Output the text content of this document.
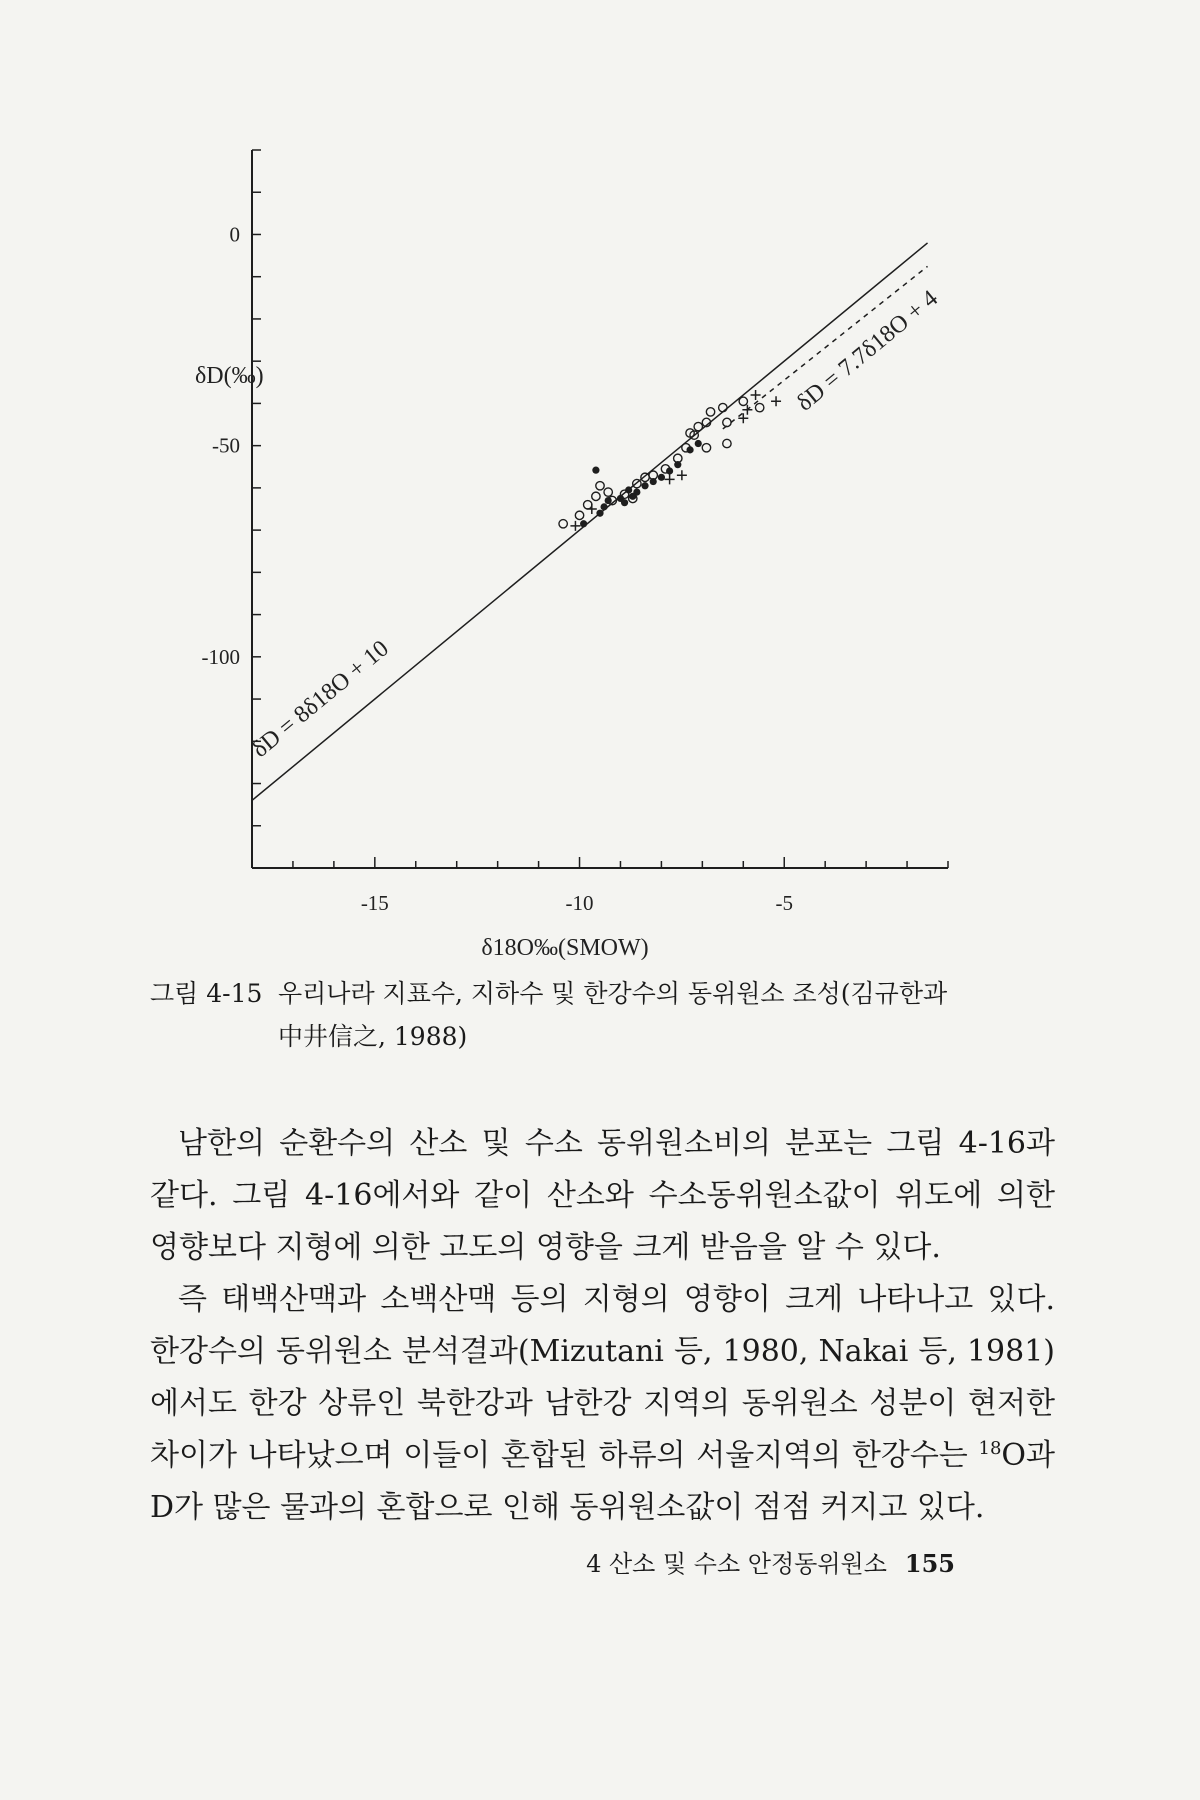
0
-50
-100
-15	-10	-5
δD(‰)
δ18O‰(SMOW)
δD = 8δ18O + 10
δD = 7.7δ18O + 4
그림 4-15 우리나라 지표수, 지하수 및 한강수의 동위원소 조성(김규한과
中井信之, 1988)

남한의 순환수의 산소 및 수소 동위원소비의 분포는 그림 4-16과 같다. 그림 4-16에서와 같이 산소와 수소동위원소값이 위도에 의한 영향보다 지형에 의한 고도의 영향을 크게 받음을 알 수 있다.

즉 태백산맥과 소백산맥 등의 지형의 영향이 크게 나타나고 있다. 한강수의 동위원소 분석결과(Mizutani 등, 1980, Nakai 등, 1981)에서도 한강 상류인 북한강과 남한강 지역의 동위원소 성분이 현저한 차이가 나타났으며 이들이 혼합된 하류의 서울지역의 한강수는 $^{18}$O과 D가 많은 물과의 혼합으로 인해 동위원소값이 점점 커지고 있다.

4 산소 및 수소 안정동위원소 155
